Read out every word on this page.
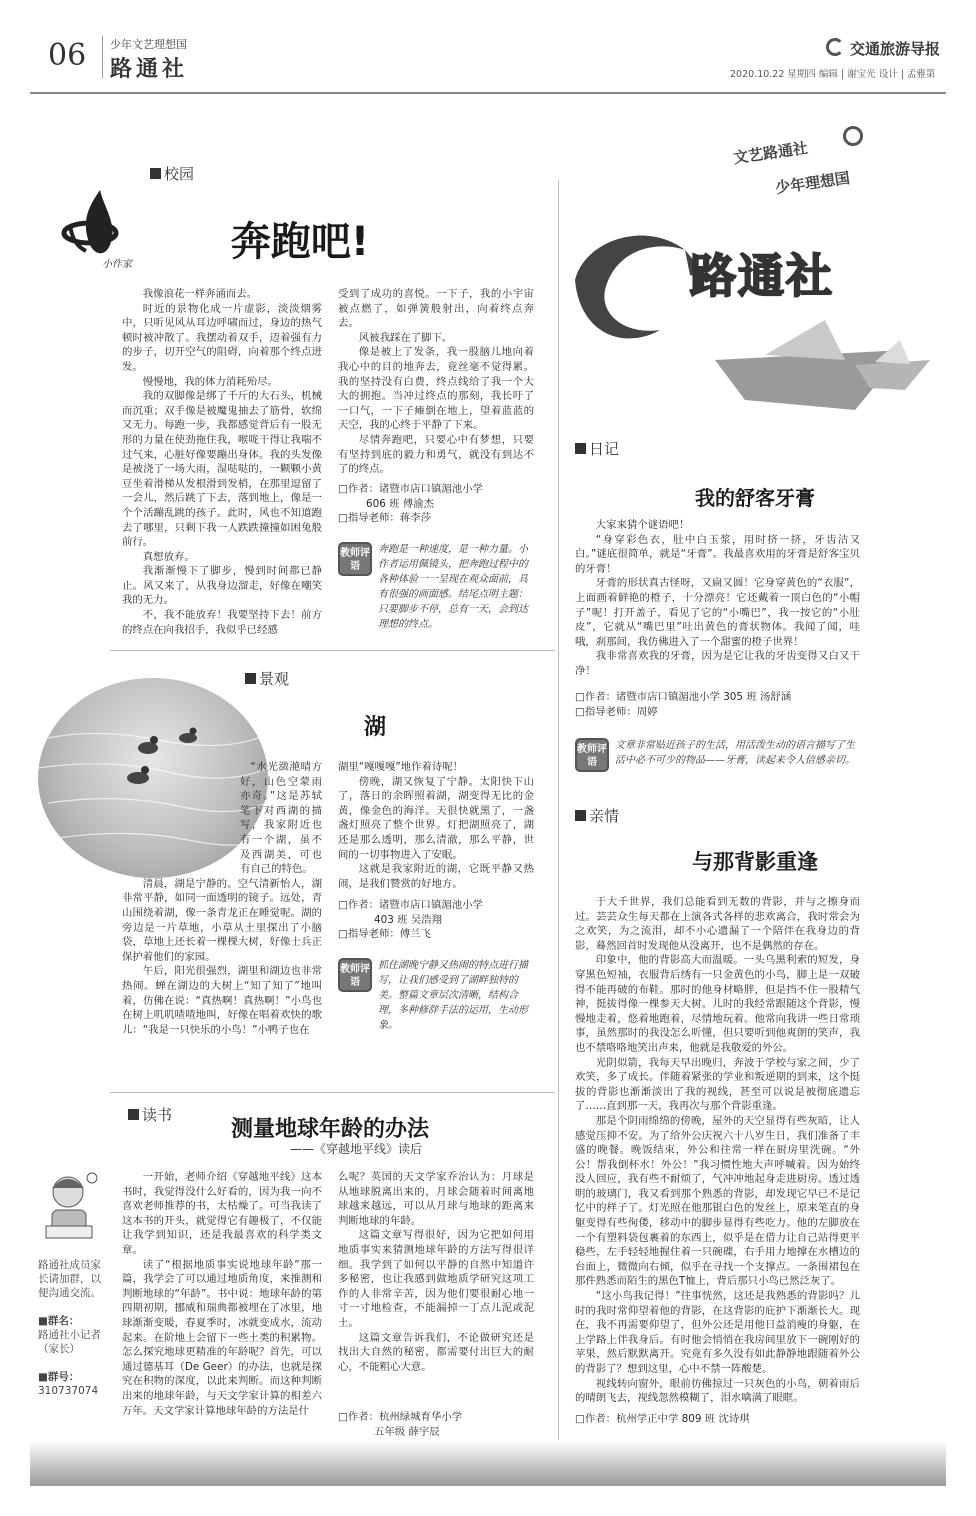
06 少年文艺理想国
路通社
交通旅游导报
2020.10.22 星期四 编辑 | 谢宝光 设计 | 孟雅第
校园
小作家	奔跑吧!

我像浪花一样奔涌而去。

时近的景物化成一片虚影，淡淡烟雾中，只听见风从耳边呼啸而过，身边的热气顿时被冲散了。我摆动着双手，迈着强有力的步子，切开空气的阻碍，向着那个终点迸发。

慢慢地，我的体力消耗殆尽。

我的双脚像是绑了千斤的大石头，机械而沉重；双手像是被魔鬼抽去了筋骨，软绵又无力。每跑一步，我都感觉背后有一股无形的力量在使劲拖住我，喉咙干得让我喘不过气来，心脏好像要蹦出身体。我的头发像是被浇了一场大雨，湿哒哒的，一颗颗小黄豆坐着滑梯从发根滑到发梢，在那里逗留了一会儿，然后跳了下去，落到地上，像是一个个活蹦乱跳的孩子。此时，风也不知道跑去了哪里，只剩下我一人跌跌撞撞如困兔般前行。

真想放弃。

我渐渐慢下了脚步，慢到时间都已静止。风又来了，从我身边溜走，好像在嘲笑我的无力。

不，我不能放弃！我要坚持下去！前方的终点在向我招手，我似乎已经感

受到了成功的喜悦。一下子，我的小宇宙被点燃了，如弹簧般射出，向着终点奔去。

风被我踩在了脚下。

像是被上了发条，我一股脑儿地向着我心中的目的地奔去，竟丝毫不觉得累。我的坚持没有白费，终点线给了我一个大大的拥抱。当冲过终点的那刻，我长吁了一口气，一下子瘫倒在地上，望着蓝蓝的天空，我的心终于平静了下来。

尽情奔跑吧，只要心中有梦想，只要有坚持到底的毅力和勇气，就没有到达不了的终点。

□作者：诸暨市店口镇湄池小学
606 班 傅渝杰
□指导老师：蒋李莎
教师评语
奔跑是一种速度，是一种力量。小作者运用佩镜头，把奔跑过程中的各种体验一一呈现在观众面前，具有很强的画面感。结尾点明主题：只要脚步不停，总有一天，会到达理想的终点。
景观
湖

“水光潋滟晴方好，山色空蒙雨亦奇。”这是苏轼笔下对西湖的描写，我家附近也有一个湖，虽不及西湖美，可也有自己的特色。

清晨，湖是宁静的。空气清新怡人，湖非常平静，如同一面透明的镜子。远处，青山围绕着湖，像一条青龙正在睡觉呢。湖的旁边是一片草地，小草从土里探出了小脑袋，草地上还长着一棵棵大树，好像士兵正保护着他们的家园。

午后，阳光很强烈，湖里和湖边也非常热闹。蝉在湖边的大树上“知了知了”地叫着，仿佛在说：“真热啊！真热啊！”小鸟也在树上叽叽喳喳地叫，好像在唱着欢快的歌儿：“我是一只快乐的小鸟！”小鸭子也在

湖里“嘎嘎嘎”地作着诗呢！

傍晚，湖又恢复了宁静。太阳快下山了，落日的余晖照着湖，湖变得无比的金黄，像金色的海洋。天很快就黑了，一盏盏灯照亮了整个世界。灯把湖照亮了，湖还是那么透明，那么清澈，那么平静，世间的一切事物进入了安眠。

这就是我家附近的湖，它既平静又热闹，是我们赞赏的好地方。

□作者：诸暨市店口镇湄池小学
403 班 吴浩翔
□指导老师：傅兰飞
教师评语
抓住湖晚宁静又热闹的特点进行描写，让我们感受到了湖畔独特的美。整篇文章层次清晰，结构合理，多种修辞手法的运用，生动形象。
读书
测量地球年龄的办法
——《穿越地平线》读后
路通社成员家长请加群，以便沟通交流。
■群名：
路通社小记者（家长）
■群号：
310737074

一开始，老师介绍《穿越地平线》这本书时，我觉得没什么好看的，因为我一向不喜欢老师推荐的书，太枯燥了。可当我读了这本书的开头，就觉得它有趣极了，不仅能让我学到知识，还是我最喜欢的科学类文章。

读了“根据地质事实说地球年龄”那一篇，我学会了可以通过地质角度，来推测和判断地球的“年龄”。书中说：地球年龄的第四期初期，挪威和瑞典都被埋在了冰里，地球渐渐变暖，春夏季时，冰就变成水，流动起来。在阶地上会留下一些土类的积累物。怎么探究地球更精准的年龄呢？首先，可以通过德基耳（De Geer）的办法，也就是探究在积物的深度，以此来判断。而这种判断出来的地球年龄，与天文学家计算的相差六万年。天文学家计算地球年龄的方法是什

么呢？英国的天文学家乔治认为：月球是从地球脱离出来的，月球会随着时间离地球越来越远，可以从月球与地球的距离来判断地球的年龄。

这篇文章写得很好，因为它把如何用地质事实来猜测地球年龄的方法写得很详细。我学到了如何以平静的自然中知道许多秘密，也让我感到做地质学研究这项工作的人非常辛苦，因为他们要很耐心地一寸一寸地检查，不能漏掉一丁点儿泥或泥土。

这篇文章告诉我们，不论做研究还是找出大自然的秘密，都需要付出巨大的耐心，不能粗心大意。

□作者：杭州绿城育华小学
五年级 薛宇辰
文艺路通社
少年理想国
路通社
日记
我的舒客牙膏

大家来猜个谜语吧！

“身穿彩色衣，肚中白玉浆，用时挤一挤，牙齿洁又白。”谜底很简单，就是“牙膏”。我最喜欢用的牙膏是舒客宝贝的牙膏！

牙膏的形状真古怪呀，又扁又圆！它身穿黄色的“衣服”，上面画着鲜艳的橙子，十分漂亮！它还戴着一顶白色的“小帽子”呢！打开盖子，看见了它的“小嘴巴”，我一按它的“小肚皮”，它就从“嘴巴里”吐出黄色的膏状物体。我闻了闻，哇哦，刹那间，我仿佛进入了一个甜蜜的橙子世界！

我非常喜欢我的牙膏，因为是它让我的牙齿变得又白又干净！

□作者：诸暨市店口镇湄池小学 305 班 汤舒涵
□指导老师：周婷
教师评语
文章非常贴近孩子的生活，用活泼生动的语言描写了生活中必不可少的物品——牙膏，读起来令人倍感亲切。
亲情
与那背影重逢

于大千世界，我们总能看到无数的背影，并与之擦身而过。芸芸众生每天都在上演各式各样的悲欢离合，我时常会为之欢笑，为之流泪，却不小心遗漏了一个陪伴在我身边的背影，蓦然回首时发现他从没离开，也不是偶然的存在。

印象中，他的背影高大而温暖。一头乌黑利索的短发，身穿黑色短袖，衣服背后绣有一只金黄色的小鸟，脚上是一双破得不能再破的布鞋。那时的他身材略胖，但是挡不住一股精气神，挺拔得像一棵参天大树。儿时的我经常跟随这个背影，慢慢地走着，悠着地跑着，尽情地玩着。他常向我讲一些日常琐事，虽然那时的我没怎么听懂，但只要听到他爽朗的笑声，我也不禁咯咯地笑出声来，他就是我敬爱的外公。

光阴似箭，我每天早出晚归，奔波于学校与家之间，少了欢笑，多了成长。伴随着紧张的学业和叛逆期的到来，这个挺拔的背影也渐渐淡出了我的视线，甚至可以说是被彻底遗忘了……直到那一天，我再次与那个背影重逢。

那是个阴雨绵绵的傍晚，屋外的天空显得有些灰暗，让人感觉压抑不安。为了给外公庆祝六十八岁生日，我们准备了丰盛的晚餐。晚饭结束，外公和往常一样在厨房里洗碗。“外公！帮我倒杯水！外公！”我习惯性地大声呼喊着。因为始终没人回应，我有些不耐烦了，气冲冲地起身走进厨房。透过透明的玻璃门，我又看到那个熟悉的背影，却发现它早已不是记忆中的样子了。灯光照在他那银白色的发丝上，原来笔直的身躯变得有些佝偻，移动中的脚步显得有些吃力。他的左脚放在一个有塑料袋包裹着的东西上，似乎是在借力让自己站得更平稳些，左手轻轻地握住着一只碗碟，右手用力地撑在水槽边的台面上，微微向右倾，似乎在寻找一个支撑点。一条围裙包在那件熟悉而陌生的黑色T恤上，背后那只小鸟已然泛灰了。

“这小鸟我记得！”往事恍然，这还是我熟悉的背影吗？儿时的我时常仰望着他的背影，在这背影的庇护下渐渐长大。现在，我不再需要仰望了，但外公还是用他日益消瘦的身躯，在上学路上伴我身后。有时他会悄悄在我房间里放下一碗刚好的苹果，然后默默离开。究竟有多久没有如此静静地跟随着外公的背影了？想到这里，心中不禁一阵酸楚。

视线转向窗外，眼前仿佛掠过一只灰色的小鸟，朝着雨后的晴朗飞去，视线忽然模糊了，泪水噙满了眼眶。

□作者：杭州学正中学 809 班 沈诗琪
